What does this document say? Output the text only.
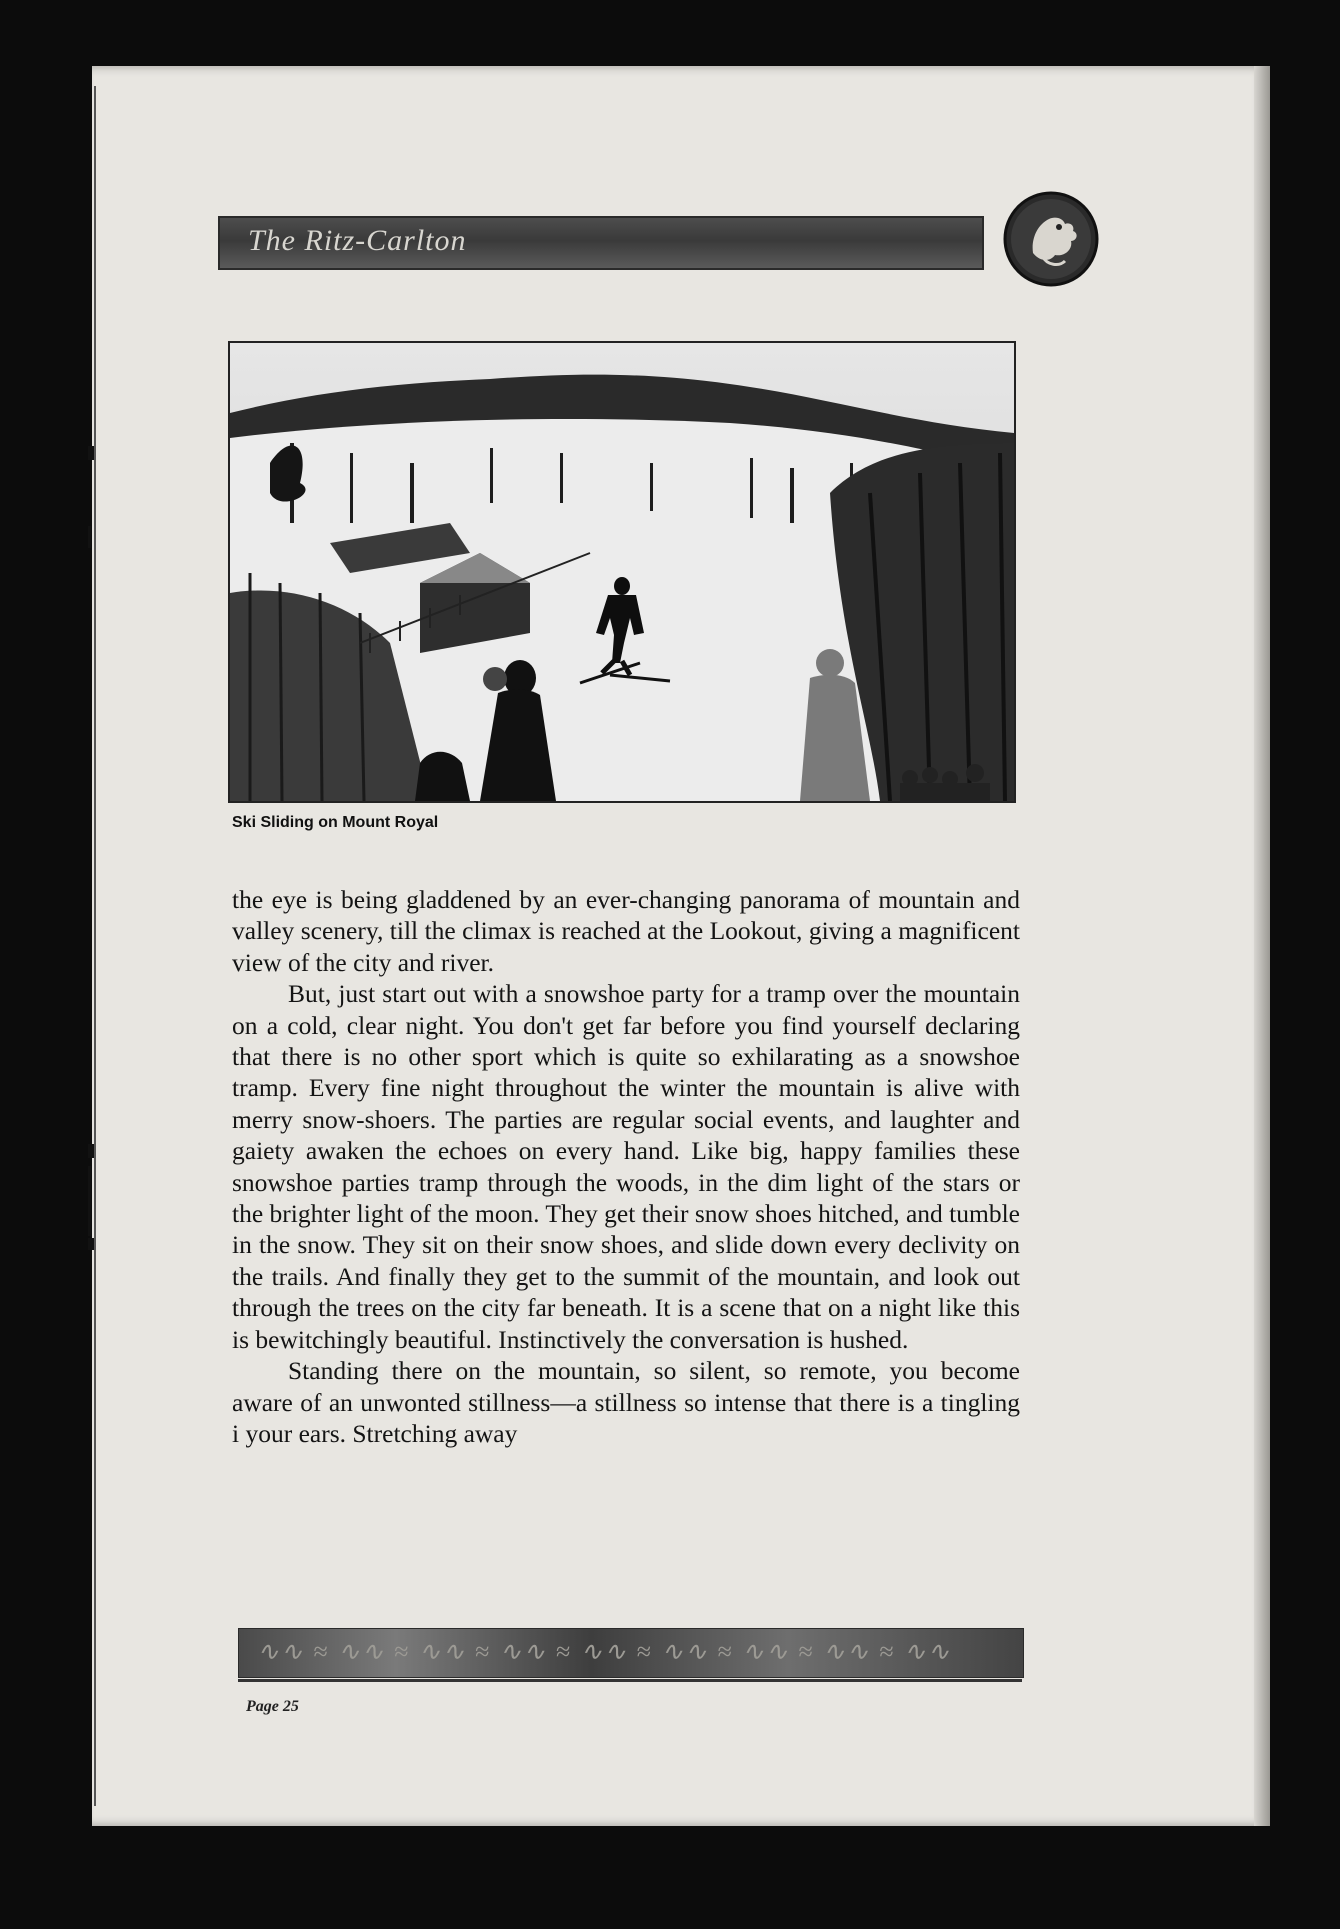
The Ritz-Carlton
Ski Sliding on Mount Royal

the eye is being gladdened by an ever-changing panorama of mountain and valley scenery, till the climax is reached at the Lookout, giving a magnificent view of the city and river.

But, just start out with a snowshoe party for a tramp over the mountain on a cold, clear night. You don't get far before you find yourself declaring that there is no other sport which is quite so exhilarating as a snowshoe tramp. Every fine night throughout the winter the mountain is alive with merry snow-shoers. The parties are regular social events, and laughter and gaiety awaken the echoes on every hand. Like big, happy families these snowshoe parties tramp through the woods, in the dim light of the stars or the brighter light of the moon. They get their snow shoes hitched, and tumble in the snow. They sit on their snow shoes, and slide down every declivity on the trails. And finally they get to the summit of the mountain, and look out through the trees on the city far beneath. It is a scene that on a night like this is bewitchingly beautiful. Instinctively the conversation is hushed.

Standing there on the mountain, so silent, so remote, you become aware of an unwonted stillness—a stillness so intense that there is a tingling i your ears. Stretching away

∿∿ ≈ ∿∿ ≈ ∿∿ ≈ ∿∿ ≈ ∿∿ ≈ ∿∿ ≈ ∿∿ ≈ ∿∿ ≈ ∿∿
Page 25
